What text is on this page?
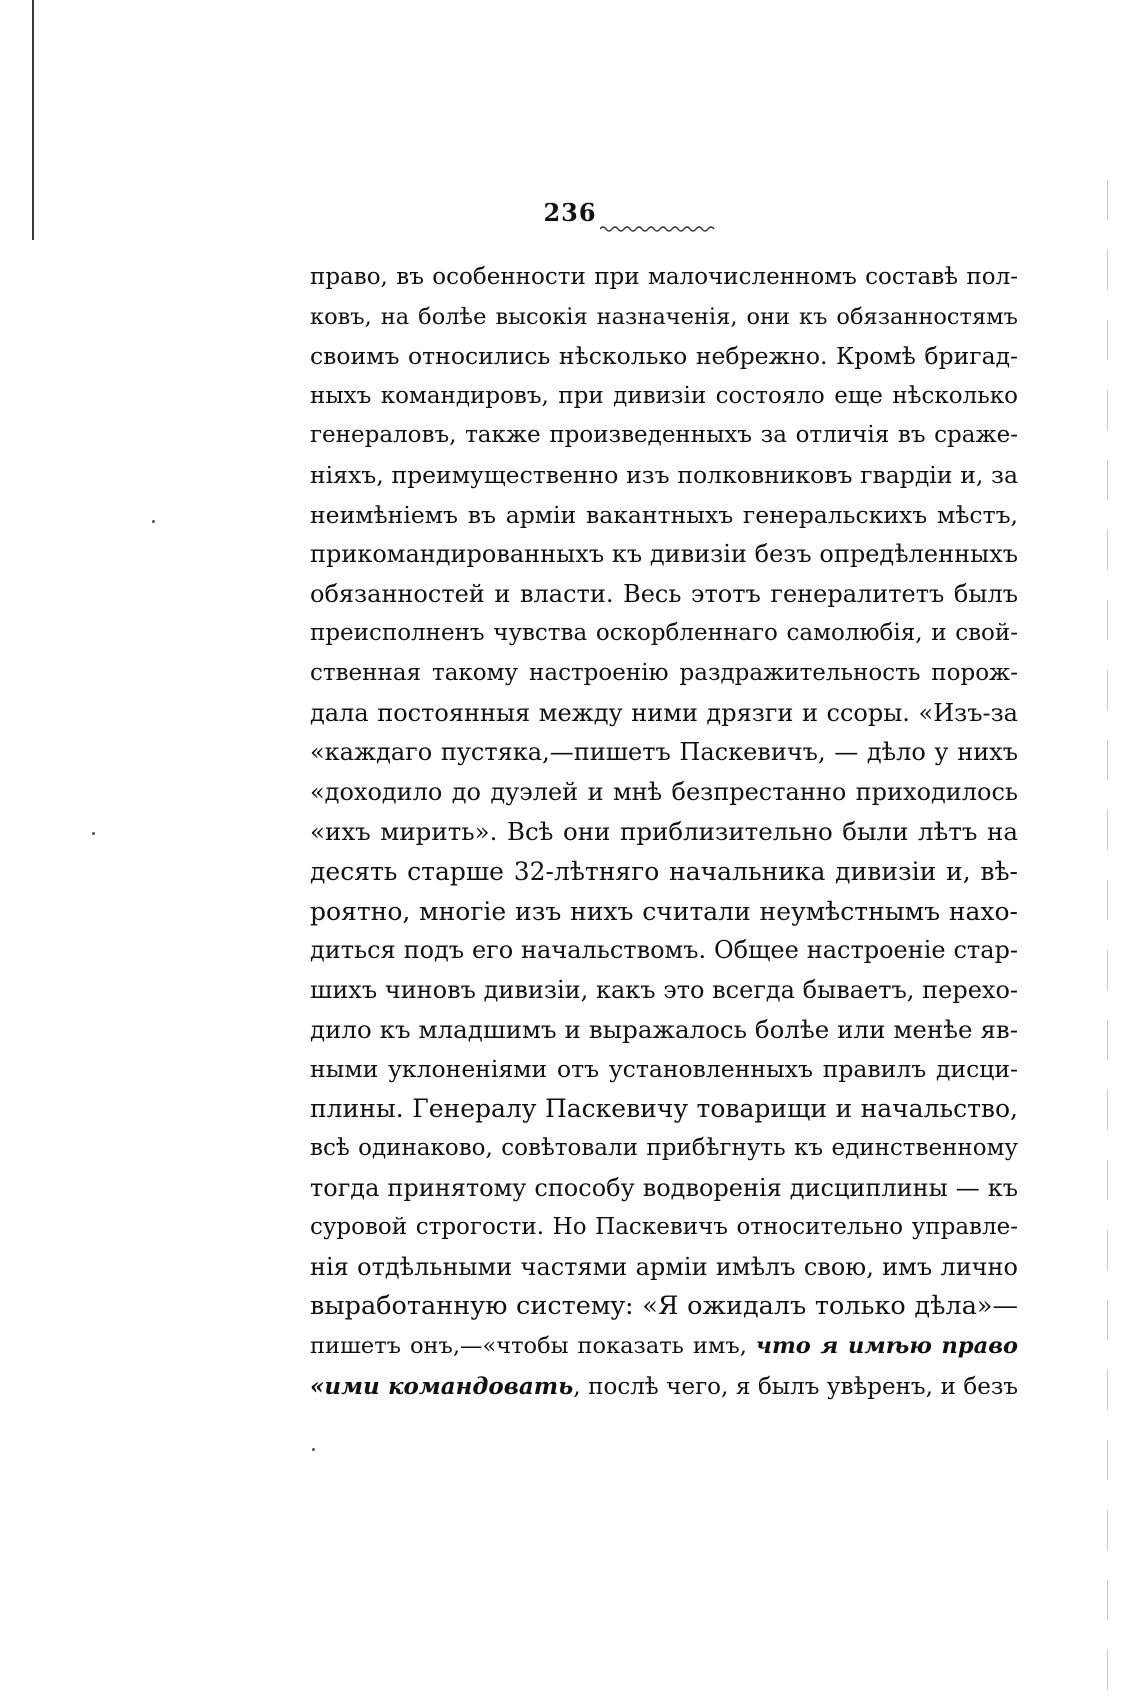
236
право, въ особенности при малочисленномъ составѣ пол-
ковъ, на болѣе высокія назначенія, они къ обязанностямъ
своимъ относились нѣсколько небрежно. Кромѣ бригад-
ныхъ командировъ, при дивизіи состояло еще нѣсколько
генераловъ, также произведенныхъ за отличія въ сраже-
ніяхъ, преимущественно изъ полковниковъ гвардіи и, за
неимѣніемъ въ арміи вакантныхъ генеральскихъ мѣстъ,
прикомандированныхъ къ дивизіи безъ опредѣленныхъ
обязанностей и власти. Весь этотъ генералитетъ былъ
преисполненъ чувства оскорбленнаго самолюбія, и свой-
ственная такому настроенію раздражительность порож-
дала постоянныя между ними дрязги и ссоры. «Изъ-за
«каждаго пустяка,—пишетъ Паскевичъ, — дѣло у нихъ
«доходило до дуэлей и мнѣ безпрестанно приходилось
«ихъ мирить». Всѣ они приблизительно были лѣтъ на
десять старше 32-лѣтняго начальника дивизіи и, вѣ-
роятно, многіе изъ нихъ считали неумѣстнымъ нахо-
диться подъ его начальствомъ. Общее настроеніе стар-
шихъ чиновъ дивизіи, какъ это всегда бываетъ, перехо-
дило къ младшимъ и выражалось болѣе или менѣе яв-
ными уклоненіями отъ установленныхъ правилъ дисци-
плины. Генералу Паскевичу товарищи и начальство,
всѣ одинаково, совѣтовали прибѣгнуть къ единственному
тогда принятому способу водворенія дисциплины — къ
суровой строгости. Но Паскевичъ относительно управле-
нія отдѣльными частями арміи имѣлъ свою, имъ лично
выработанную системy: «Я ожидалъ только дѣла»—
пишетъ онъ,—«чтобы показать имъ, что я имѣю право
«ими командовать, послѣ чего, я былъ увѣренъ, и безъ
